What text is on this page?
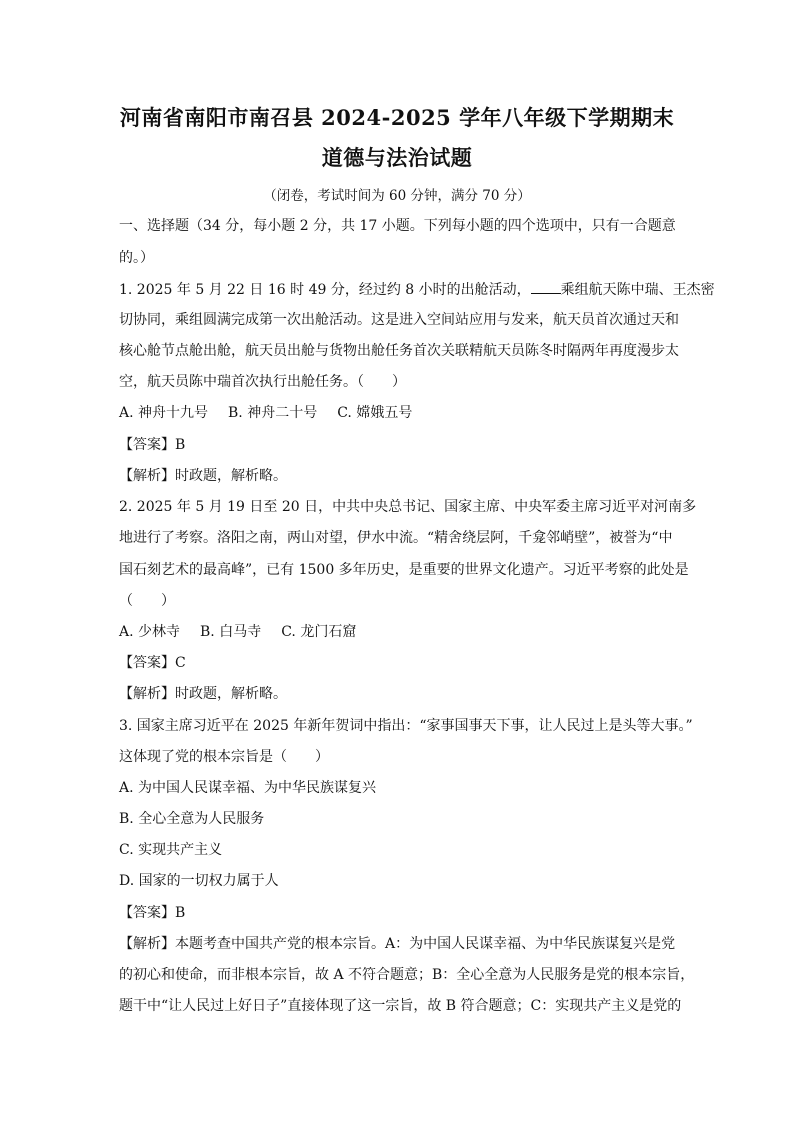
河南省南阳市南召县 2024-2025 学年八年级下学期期末
道德与法治试题
（闭卷，考试时间为 60 分钟，满分 70 分）
一、选择题（34 分，每小题 2 分，共 17 小题。下列每小题的四个选项中，只有一合题意
的。）
1. 2025 年 5 月 22 日 16 时 49 分，经过约 8 小时的出舱活动， 乘组航天陈中瑞、王杰密
切协同，乘组圆满完成第一次出舱活动。这是进入空间站应用与发来，航天员首次通过天和
核心舱节点舱出舱，航天员出舱与货物出舱任务首次关联精航天员陈冬时隔两年再度漫步太
空，航天员陈中瑞首次执行出舱任务。（　　）
A. 神舟十九号 B. 神舟二十号 C. 嫦娥五号
【答案】B
【解析】时政题，解析略。
2. 2025 年 5 月 19 日至 20 日，中共中央总书记、国家主席、中央军委主席习近平对河南多
地进行了考察。洛阳之南，两山对望，伊水中流。“精舍绕层阿，千龛邻峭壁”，被誉为“中
国石刻艺术的最高峰”，已有 1500 多年历史，是重要的世界文化遗产。习近平考察的此处是
（　　）
A. 少林寺 B. 白马寺 C. 龙门石窟
【答案】C
【解析】时政题，解析略。
3. 国家主席习近平在 2025 年新年贺词中指出：“家事国事天下事，让人民过上是头等大事。”
这体现了党的根本宗旨是（　　）
A. 为中国人民谋幸福、为中华民族谋复兴
B. 全心全意为人民服务
C. 实现共产主义
D. 国家的一切权力属于人
【答案】B
【解析】本题考查中国共产党的根本宗旨。A：为中国人民谋幸福、为中华民族谋复兴是党
的初心和使命，而非根本宗旨，故 A 不符合题意；B：全心全意为人民服务是党的根本宗旨，
题干中“让人民过上好日子”直接体现了这一宗旨，故 B 符合题意；C：实现共产主义是党的
